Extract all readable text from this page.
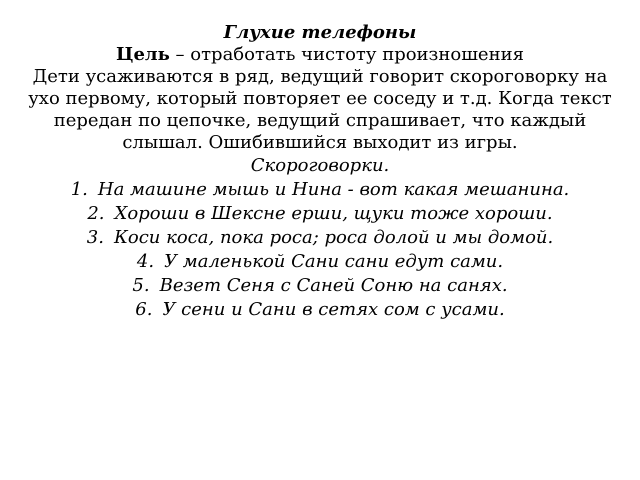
Глухие телефоны

Цель – отработать чистоту произношения

Дети усаживаются в ряд, ведущий говорит скороговорку на ухо первому, который повторяет ее соседу и т.д. Когда текст передан по цепочке, ведущий спрашивает, что каждый слышал. Ошибившийся выходит из игры.

Скороговорки.

1. На машине мышь и Нина - вот какая мешанина.
2. Хороши в Шексне ерши, щуки тоже хороши.
3. Коси коса, пока роса; роса долой и мы домой.
4. У маленькой Сани сани едут сами.
5. Везет Сеня с Саней Соню на санях.
6. У сени и Сани в сетях сом с усами.
